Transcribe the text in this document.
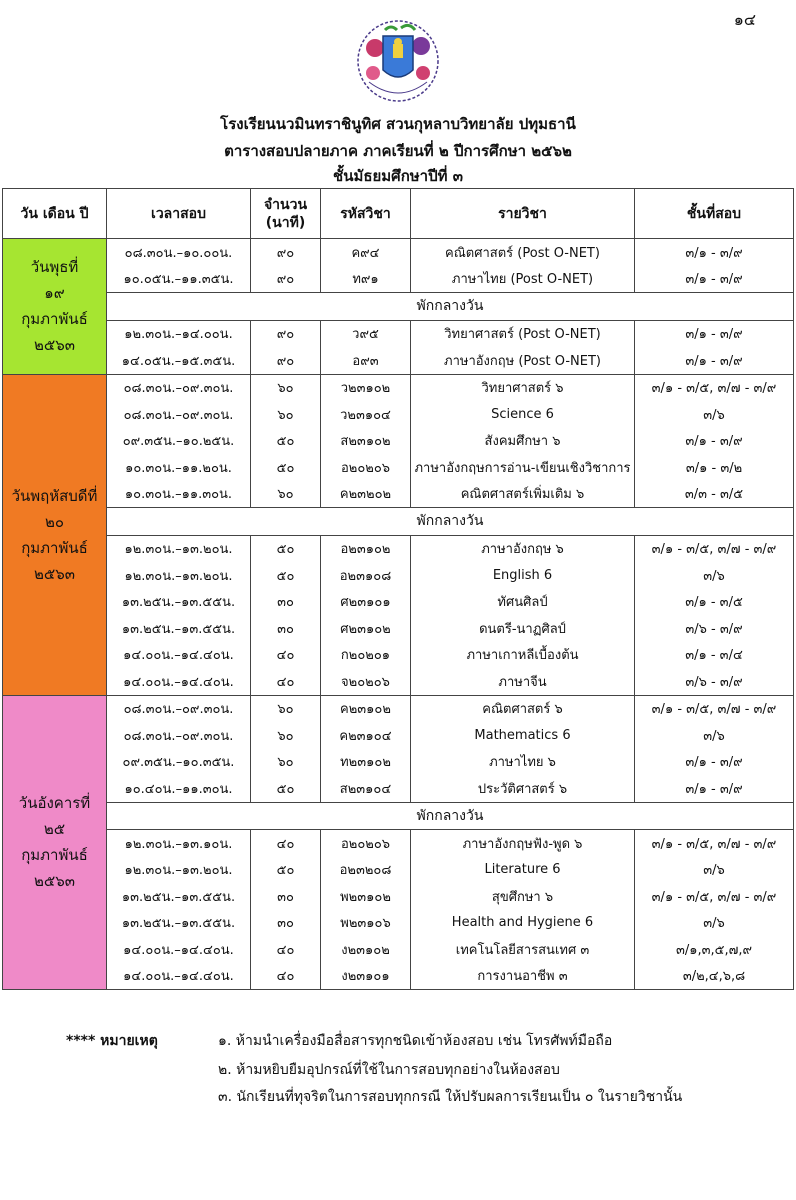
๑๔
โรงเรียนนวมินทราชินูทิศ สวนกุหลาบวิทยาลัย ปทุมธานี
ตารางสอบปลายภาค ภาคเรียนที่ ๒ ปีการศึกษา ๒๕๖๒
ชั้นมัธยมศึกษาปีที่ ๓
วัน เดือน ปี	เวลาสอบ	จำนวน
(นาที)	รหัสวิชา	รายวิชา	ชั้นที่สอบ

วันพุธที่
๑๙
กุมภาพันธ์
๒๕๖๓	๐๘.๓๐น.–๑๐.๐๐น.	๙๐	ค๙๔	คณิตศาสตร์ (Post O-NET)	๓/๑ - ๓/๙
	๑๐.๐๕น.–๑๑.๓๕น.	๙๐	ท๙๑	ภาษาไทย (Post O-NET)	๓/๑ - ๓/๙
	พักกลางวัน				
	๑๒.๓๐น.–๑๔.๐๐น.	๙๐	ว๙๕	วิทยาศาสตร์ (Post O-NET)	๓/๑ - ๓/๙
	๑๔.๐๕น.–๑๕.๓๕น.	๙๐	อ๙๓	ภาษาอังกฤษ (Post O-NET)	๓/๑ - ๓/๙

วันพฤหัสบดีที่
๒๐
กุมภาพันธ์
๒๕๖๓	๐๘.๓๐น.–๐๙.๓๐น.	๖๐	ว๒๓๑๐๒	วิทยาศาสตร์ ๖	๓/๑ - ๓/๕, ๓/๗ - ๓/๙
	๐๘.๓๐น.–๐๙.๓๐น.	๖๐	ว๒๓๑๐๔	Science 6	๓/๖
	๐๙.๓๕น.–๑๐.๒๕น.	๕๐	ส๒๓๑๐๒	สังคมศึกษา ๖	๓/๑ - ๓/๙
	๑๐.๓๐น.–๑๑.๒๐น.	๕๐	อ๒๐๒๐๖	ภาษาอังกฤษการอ่าน-เขียนเชิงวิชาการ	๓/๑ - ๓/๒
	๑๐.๓๐น.–๑๑.๓๐น.	๖๐	ค๒๓๒๐๒	คณิตศาสตร์เพิ่มเติม ๖	๓/๓ - ๓/๕
	พักกลางวัน				
	๑๒.๓๐น.–๑๓.๒๐น.	๕๐	อ๒๓๑๐๒	ภาษาอังกฤษ ๖	๓/๑ - ๓/๕, ๓/๗ - ๓/๙
	๑๒.๓๐น.–๑๓.๒๐น.	๕๐	อ๒๓๑๐๘	English 6	๓/๖
	๑๓.๒๕น.–๑๓.๕๕น.	๓๐	ศ๒๓๑๐๑	ทัศนศิลป์	๓/๑ - ๓/๕
	๑๓.๒๕น.–๑๓.๕๕น.	๓๐	ศ๒๓๑๐๒	ดนตรี-นาฏศิลป์	๓/๖ - ๓/๙
	๑๔.๐๐น.–๑๔.๔๐น.	๔๐	ก๒๐๒๐๑	ภาษาเกาหลีเบื้องต้น	๓/๑ - ๓/๔
	๑๔.๐๐น.–๑๔.๔๐น.	๔๐	จ๒๐๒๐๖	ภาษาจีน	๓/๖ - ๓/๙

วันอังคารที่
๒๕
กุมภาพันธ์
๒๕๖๓	๐๘.๓๐น.–๐๙.๓๐น.	๖๐	ค๒๓๑๐๒	คณิตศาสตร์ ๖	๓/๑ - ๓/๕, ๓/๗ - ๓/๙
	๐๘.๓๐น.–๐๙.๓๐น.	๖๐	ค๒๓๑๐๔	Mathematics 6	๓/๖
	๐๙.๓๕น.–๑๐.๓๕น.	๖๐	ท๒๓๑๐๒	ภาษาไทย ๖	๓/๑ - ๓/๙
	๑๐.๔๐น.–๑๑.๓๐น.	๕๐	ส๒๓๑๐๔	ประวัติศาสตร์ ๖	๓/๑ - ๓/๙
	พักกลางวัน				
	๑๒.๓๐น.–๑๓.๑๐น.	๔๐	อ๒๐๒๐๖	ภาษาอังกฤษฟัง-พูด ๖	๓/๑ - ๓/๕, ๓/๗ - ๓/๙
	๑๒.๓๐น.–๑๓.๒๐น.	๕๐	อ๒๓๒๐๘	Literature 6	๓/๖
	๑๓.๒๕น.–๑๓.๕๕น.	๓๐	พ๒๓๑๐๒	สุขศึกษา ๖	๓/๑ - ๓/๕, ๓/๗ - ๓/๙
	๑๓.๒๕น.–๑๓.๕๕น.	๓๐	พ๒๓๑๐๖	Health and Hygiene 6	๓/๖
	๑๔.๐๐น.–๑๔.๔๐น.	๔๐	ง๒๓๑๐๒	เทคโนโลยีสารสนเทศ ๓	๓/๑,๓,๕,๗,๙
	๑๔.๐๐น.–๑๔.๔๐น.	๔๐	ง๒๓๑๐๑	การงานอาชีพ ๓	๓/๒,๔,๖,๘
**** หมายเหตุ	๑. ห้ามนำเครื่องมือสื่อสารทุกชนิดเข้าห้องสอบ เช่น โทรศัพท์มือถือ
๒. ห้ามหยิบยืมอุปกรณ์ที่ใช้ในการสอบทุกอย่างในห้องสอบ
๓. นักเรียนที่ทุจริตในการสอบทุกกรณี ให้ปรับผลการเรียนเป็น ๐ ในรายวิชานั้น
